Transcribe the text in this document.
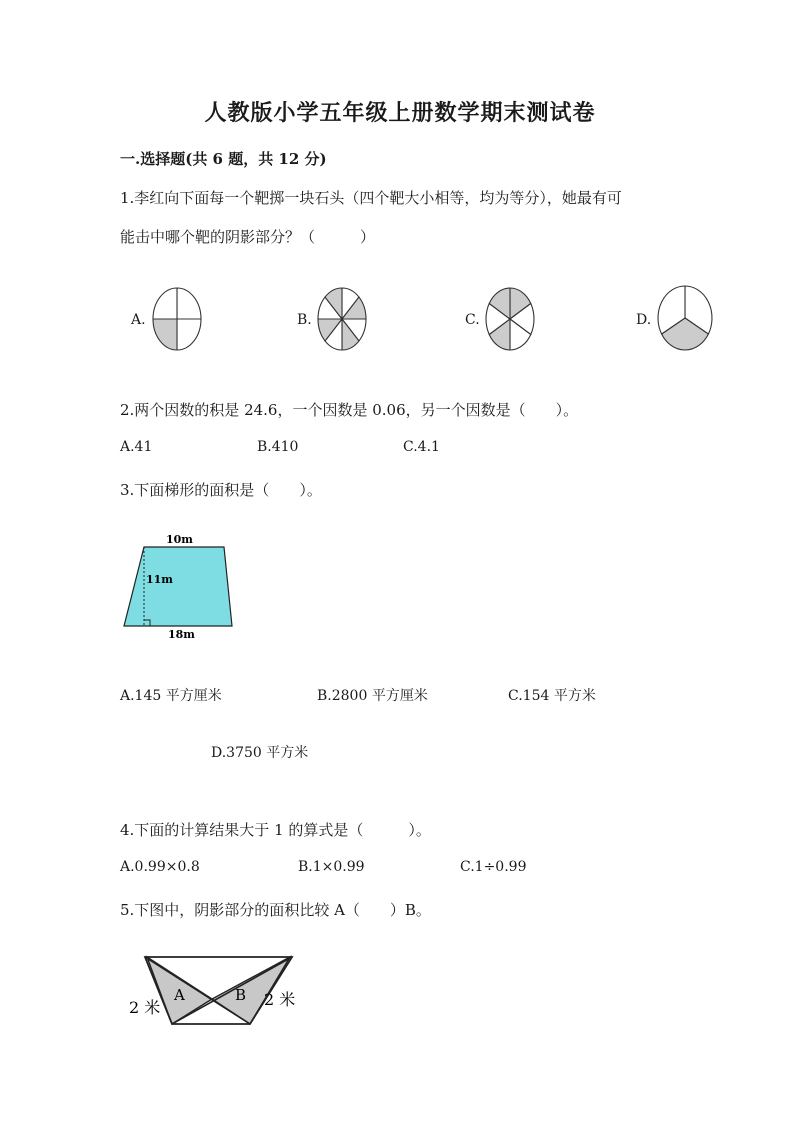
人教版小学五年级上册数学期末测试卷
一.选择题(共 6 题，共 12 分)
1.李红向下面每一个靶掷一块石头（四个靶大小相等，均为等分），她最有可
能击中哪个靶的阴影部分？（　　　）
A.	B.	C.	D.
2.两个因数的积是 24.6，一个因数是 0.06，另一个因数是（　　）。
A.41	B.410	C.4.1
3.下面梯形的面积是（　　）。
10m
11m
18m
A.145 平方厘米	B.2800 平方厘米	C.154 平方米
D.3750 平方米
4.下面的计算结果大于 1 的算式是（　　　）。
A.0.99×0.8	B.1×0.99	C.1÷0.99
5.下图中，阴影部分的面积比较 A（　　）B。
A	B
2 米	2 米
